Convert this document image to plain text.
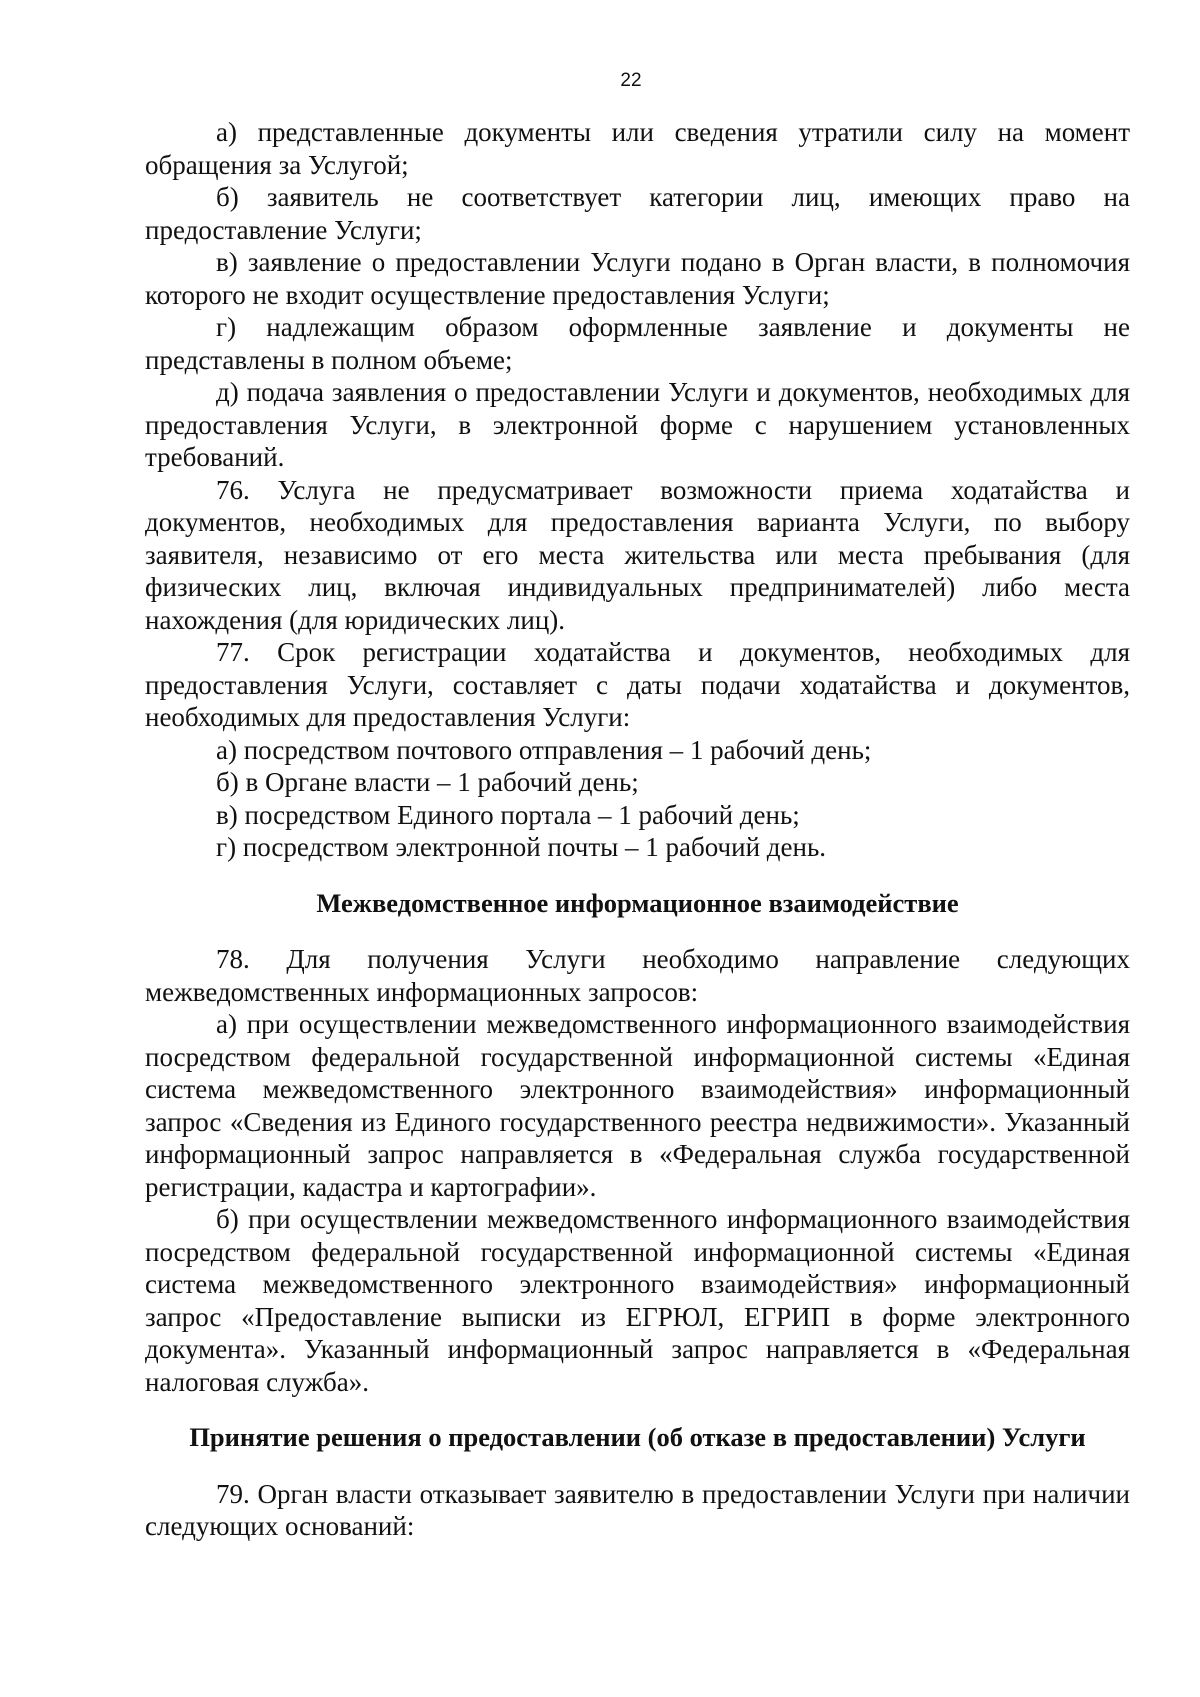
22

а) представленные документы или сведения утратили силу на момент обращения за Услугой;

б) заявитель не соответствует категории лиц, имеющих право на предоставление Услуги;

в) заявление о предоставлении Услуги подано в Орган власти, в полномочия которого не входит осуществление предоставления Услуги;

г) надлежащим образом оформленные заявление и документы не представлены в полном объеме;

д) подача заявления о предоставлении Услуги и документов, необходимых для предоставления Услуги, в электронной форме с нарушением установленных требований.

76. Услуга не предусматривает возможности приема ходатайства и документов, необходимых для предоставления варианта Услуги, по выбору заявителя, независимо от его места жительства или места пребывания (для физических лиц, включая индивидуальных предпринимателей) либо места нахождения (для юридических лиц).

77. Срок регистрации ходатайства и документов, необходимых для предоставления Услуги, составляет с даты подачи ходатайства и документов, необходимых для предоставления Услуги:

а) посредством почтового отправления – 1 рабочий день;

б) в Органе власти – 1 рабочий день;

в) посредством Единого портала – 1 рабочий день;

г) посредством электронной почты – 1 рабочий день.

Межведомственное информационное взаимодействие

78. Для получения Услуги необходимо направление следующих межведомственных информационных запросов:

а) при осуществлении межведомственного информационного взаимодействия посредством федеральной государственной информационной системы «Единая система межведомственного электронного взаимодействия» информационный запрос «Сведения из Единого государственного реестра недвижимости». Указанный информационный запрос направляется в «Федеральная служба государственной регистрации, кадастра и картографии».

б) при осуществлении межведомственного информационного взаимодействия посредством федеральной государственной информационной системы «Единая система межведомственного электронного взаимодействия» информационный запрос «Предоставление выписки из ЕГРЮЛ, ЕГРИП в форме электронного документа». Указанный информационный запрос направляется в «Федеральная налоговая служба».

Принятие решения о предоставлении (об отказе в предоставлении) Услуги

79. Орган власти отказывает заявителю в предоставлении Услуги при наличии следующих оснований:
